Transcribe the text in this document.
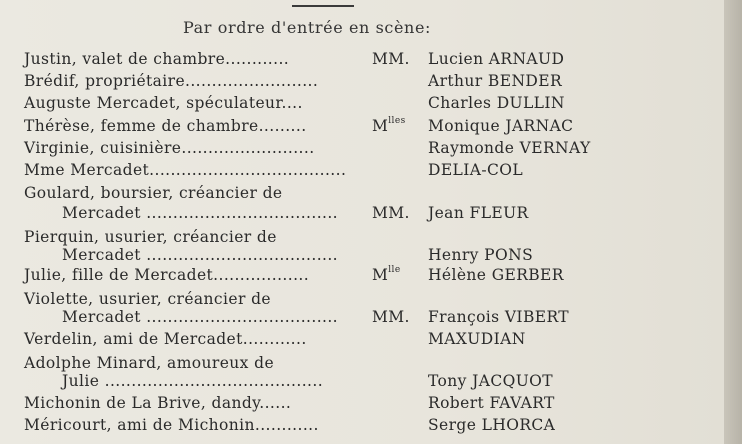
Par ordre d'entrée en scène:
Justin, valet de chambre............	MM. Lucien ARNAUD
Brédif, propriétaire.........................	Arthur BENDER
Auguste Mercadet, spéculateur....	Charles DULLIN
Thérèse, femme de chambre.........	$M^{lles}$ Monique JARNAC
Virginie, cuisinière.........................	Raymonde VERNAY
Mme Mercadet.....................................	DELIA-COL
Goulard, boursier, créancier de
Mercadet .................................... MM. Jean FLEUR
Pierquin, usurier, créancier de
Mercadet ....................................	Henry PONS
Julie, fille de Mercadet..................	$M^{lle}$ Hélène GERBER
Violette, usurier, créancier de
Mercadet .................................... MM. François VIBERT
Verdelin, ami de Mercadet............	MAXUDIAN
Adolphe Minard, amoureux de
Julie .........................................	Tony JACQUOT
Michonin de La Brive, dandy......	Robert FAVART
Méricourt, ami de Michonin............	Serge LHORCA
